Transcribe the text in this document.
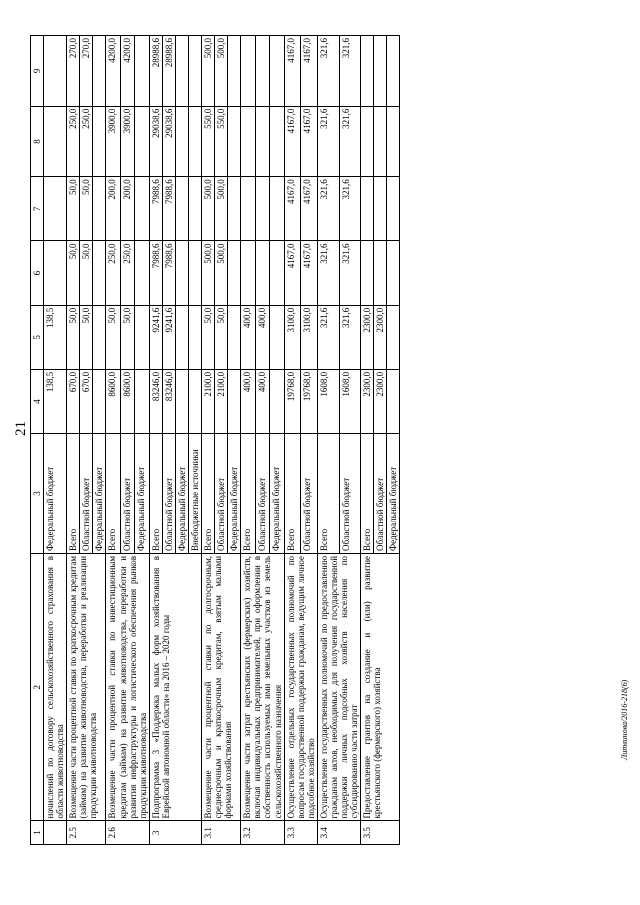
21
Литвинова/2016-218(6)
1	2	3	4	5	6	7	8	9
	начислений по договору сельскохозяйственного страхования в области животноводства	Федеральный бюджет	138,5	138,5				
2.5	Возмещение части процентной ставки по краткосрочным кредитам (займам) на развитие животноводства, переработки и реализации продукции животноводства	Всего	670,0	50,0	50,0	50,0	250,0	270,0
		Областной бюджет	670,0	50,0	50,0	50,0	250,0	270,0
		Федеральный бюджет						
2.6	Возмещение части процентной ставки по инвестиционным кредитам (займам) на развитие животноводства, переработки и развития инфраструктуры и логистического обеспечения рынков продукции животноводства	Всего	8600,0	50,0	250,0	200,0	3900,0	4200,0
		Областной бюджет	8600,0	50,0	250,0	200,0	3900,0	4200,0
		Федеральный бюджет						
3	Подпрограмма 3 «Поддержка малых форм хозяйствования в Еврейской автономной области» на 2016 – 2020 годы	Всего	83246,0	9241,6	7988,6	7988,6	29038,6	28988,6
		Областной бюджет	83246,0	9241,6	7988,6	7988,6	29038,6	28988,6
		Федеральный бюджет						
		Внебюджетные источники						
3.1	Возмещение части процентной ставки по долгосрочным, среднесрочным и краткосрочным кредитам, взятым малыми формами хозяйствования	Всего	2100,0	50,0	500,0	500,0	550,0	500,0
		Областной бюджет	2100,0	50,0	500,0	500,0	550,0	500,0
		Федеральный бюджет						
3.2	Возмещение части затрат крестьянских (фермерских) хозяйств, включая индивидуальных предпринимателей, при оформлении в собственность используемых ими земельных участков из земель сельскохозяйственного назначения	Всего	400,0	400,0				
		Областной бюджет	400,0	400,0				
		Федеральный бюджет						
3.3	Осуществление отдельных государственных полномочий по вопросам государственной поддержки гражданам, ведущим личное подсобное хозяйство	Всего	19768,0	3100,0	4167,0	4167,0	4167,0	4167,0
		Областной бюджет	19768,0	3100,0	4167,0	4167,0	4167,0	4167,0
3.4	Осуществление государственных полномочий по предоставлению гражданам актов, необходимых для получения государственной поддержки личных подсобных хозяйств населения по субсидированию части затрат	Всего	1608,0	321,6	321,6	321,6	321,6	321,6
		Областной бюджет	1608,0	321,6	321,6	321,6	321,6	321,6
3.5	Предоставление грантов на создание и (или) развитие крестьянского (фермерского) хозяйства	Всего	2300,0	2300,0				
		Областной бюджет	2300,0	2300,0				
		Федеральный бюджет						
